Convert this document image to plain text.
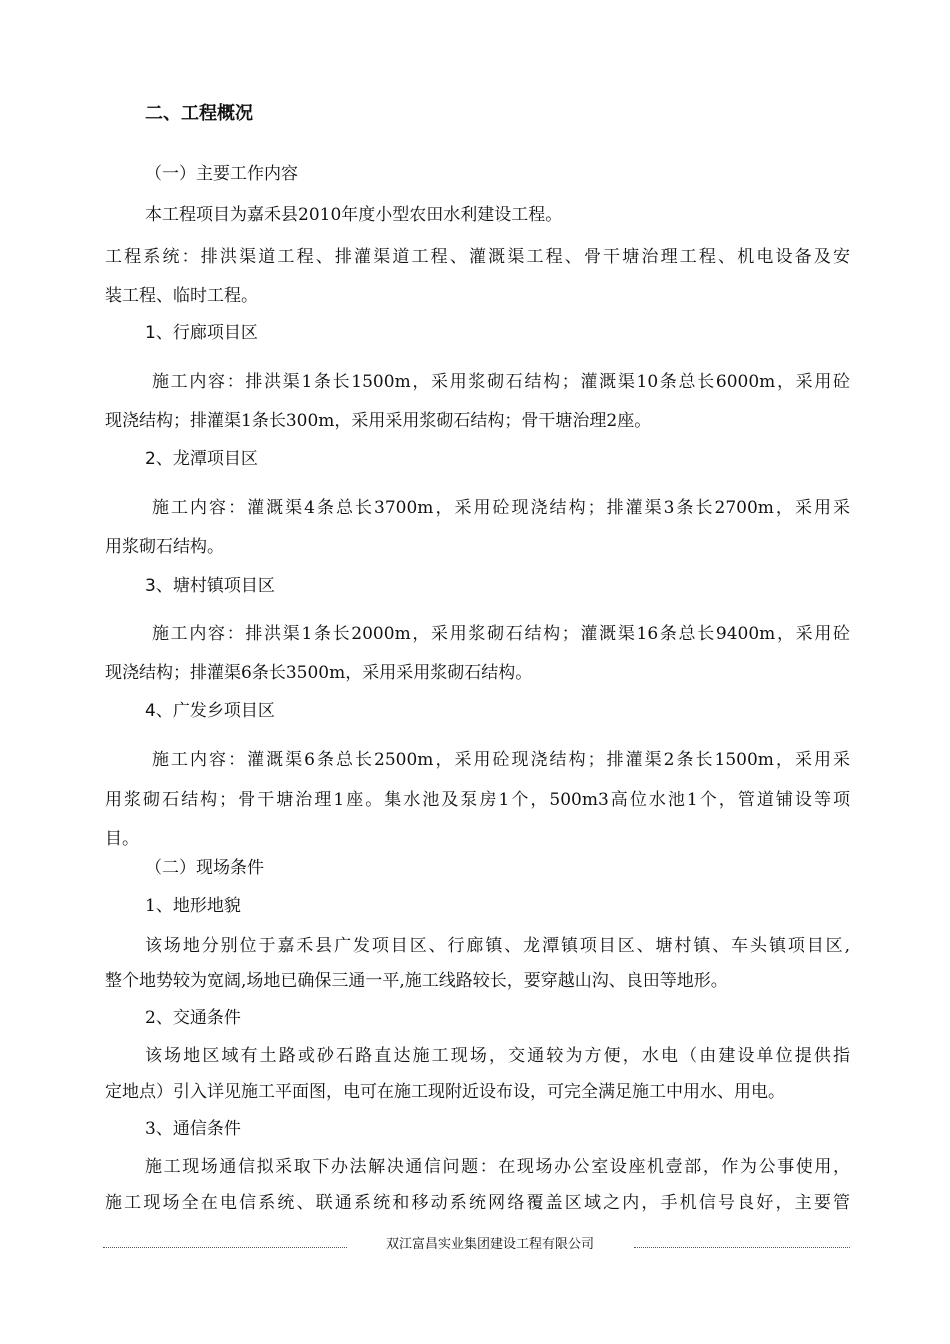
二、工程概况
（一）主要工作内容
本工程项目为嘉禾县2010年度小型农田水利建设工程。
工程系统：排洪渠道工程、排灌渠道工程、灌溉渠工程、骨干塘治理工程、机电设备及安
装工程、临时工程。
1、行廊项目区
施工内容：排洪渠1条长1500m，采用浆砌石结构；灌溉渠10条总长6000m，采用砼
现浇结构；排灌渠1条长300m，采用采用浆砌石结构；骨干塘治理2座。
2、龙潭项目区
施工内容：灌溉渠4条总长3700m，采用砼现浇结构；排灌渠3条长2700m，采用采
用浆砌石结构。
3、塘村镇项目区
施工内容：排洪渠1条长2000m，采用浆砌石结构；灌溉渠16条总长9400m，采用砼
现浇结构；排灌渠6条长3500m，采用采用浆砌石结构。
4、广发乡项目区
施工内容：灌溉渠6条总长2500m，采用砼现浇结构；排灌渠2条长1500m，采用采
用浆砌石结构；骨干塘治理1座。集水池及泵房1个，500m3高位水池1个，管道铺设等项
目。
（二）现场条件
1、地形地貌
该场地分别位于嘉禾县广发项目区、行廊镇、龙潭镇项目区、塘村镇、车头镇项目区,
整个地势较为宽阔,场地已确保三通一平,施工线路较长，要穿越山沟、良田等地形。
2、交通条件
该场地区域有土路或砂石路直达施工现场，交通较为方便，水电（由建设单位提供指
定地点）引入详见施工平面图，电可在施工现附近设布设，可完全满足施工中用水、用电。
3、通信条件
施工现场通信拟采取下办法解决通信问题：在现场办公室设座机壹部，作为公事使用，
施工现场全在电信系统、联通系统和移动系统网络覆盖区域之内，手机信号良好，主要管
双江富昌实业集团建设工程有限公司
